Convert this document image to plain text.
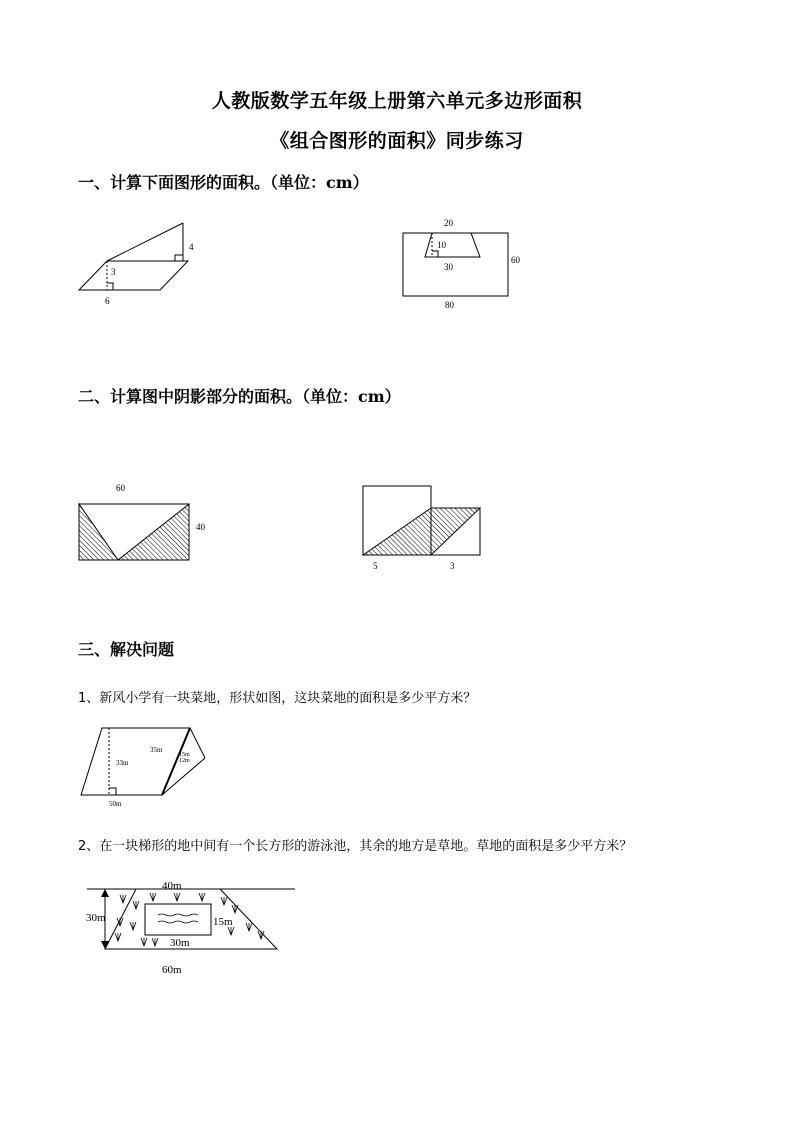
人教版数学五年级上册第六单元多边形面积
《组合图形的面积》同步练习
一、计算下面图形的面积。（单位：cm）
4
3
6
20
10
30
60
80
二、计算图中阴影部分的面积。（单位：cm）
60
40
5	3
三、解决问题
1、新风小学有一块菜地，形状如图，这块菜地的面积是多少平方米？
35m
33m
15m
12m
50m
2、在一块梯形的地中间有一个长方形的游泳池，其余的地方是草地。草地的面积是多少平方米？
40m
30m	15m
30m
60m
